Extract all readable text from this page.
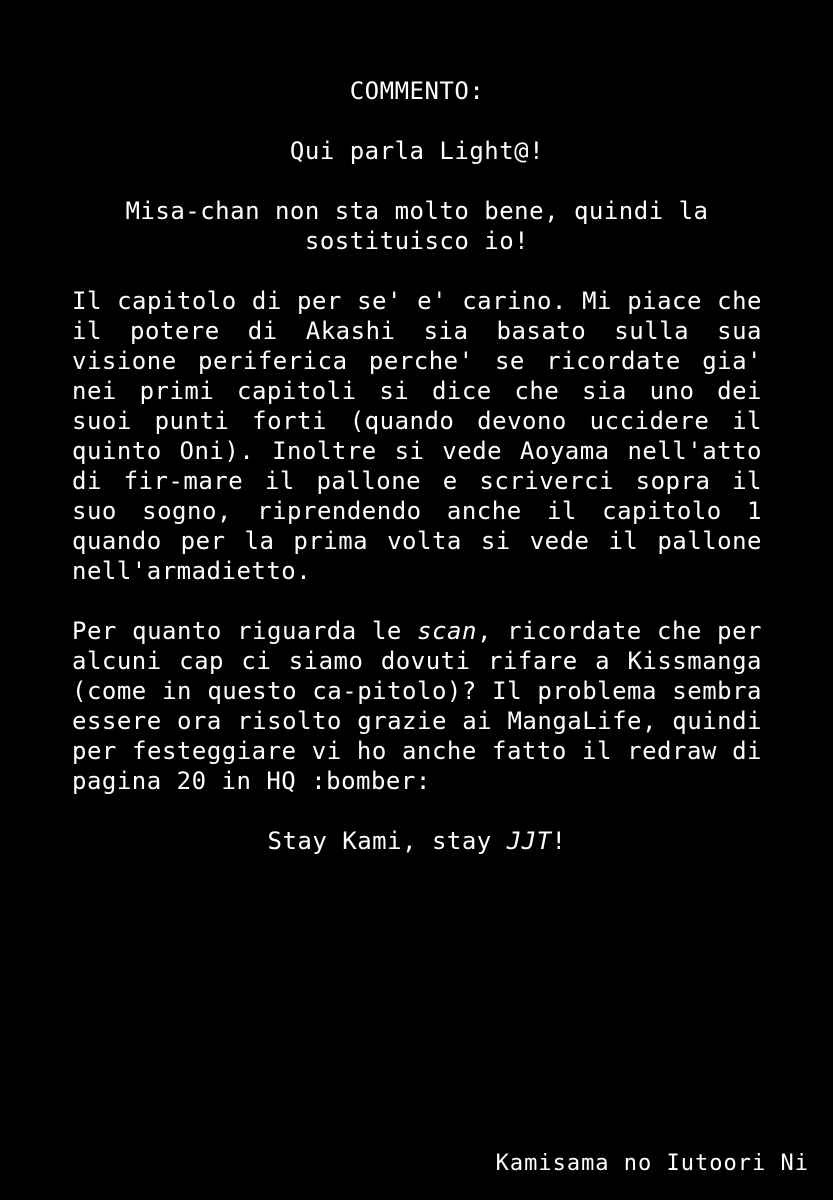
COMMENTO:

Qui parla Light@!

Misa-chan non sta molto bene, quindi la sostituisco io!

Il capitolo di per se' e' carino. Mi piace che il potere di Akashi sia basato sulla sua visione periferica perche' se ricordate gia' nei primi capitoli si dice che sia uno dei suoi punti forti (quando devono uccidere il quinto Oni). Inoltre si vede Aoyama nell'atto di fir-mare il pallone e scriverci sopra il suo sogno, riprendendo anche il capitolo 1 quando per la prima volta si vede il pallone nell'armadietto.

Per quanto riguarda le scan, ricordate che per alcuni cap ci siamo dovuti rifare a Kissmanga (come in questo ca-pitolo)? Il problema sembra essere ora risolto grazie ai MangaLife, quindi per festeggiare vi ho anche fatto il redraw di pagina 20 in HQ :bomber:

Stay Kami, stay JJT!

Kamisama no Iutoori Ni
